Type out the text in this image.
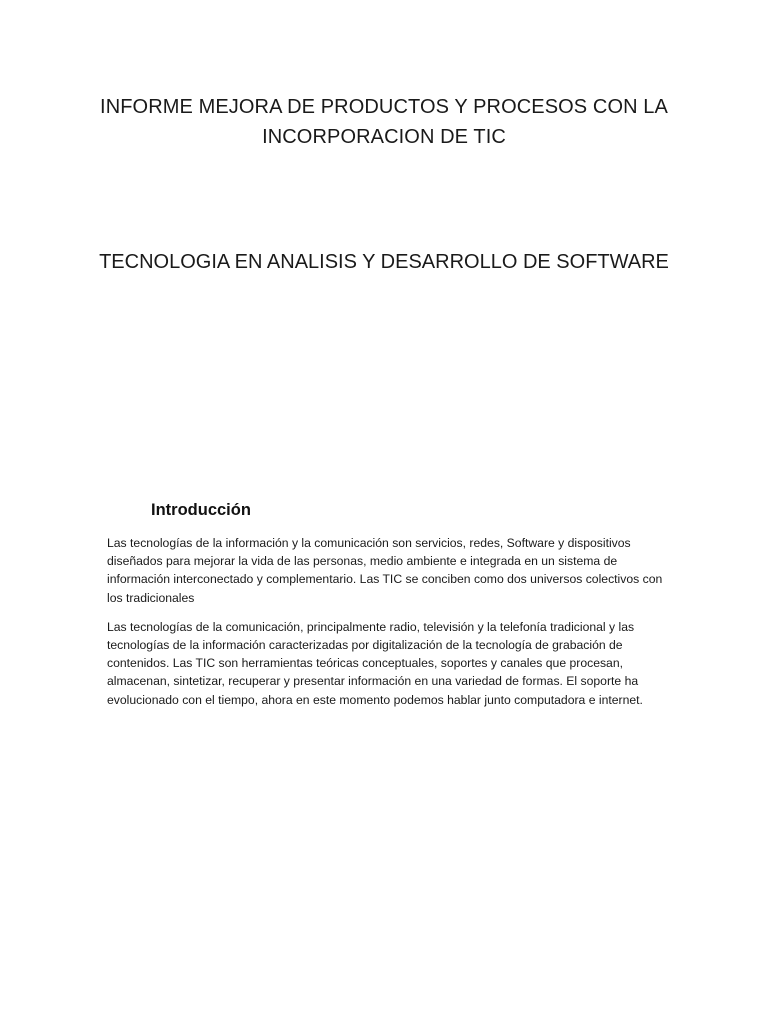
INFORME MEJORA DE PRODUCTOS Y PROCESOS CON LA
INCORPORACION DE TIC
TECNOLOGIA EN ANALISIS Y DESARROLLO DE SOFTWARE
Introducción

Las tecnologías de la información y la comunicación son servicios, redes, Software y dispositivos diseñados para mejorar la vida de las personas, medio ambiente e integrada en un sistema de información interconectado y complementario. Las TIC se conciben como dos universos colectivos con los tradicionales

Las tecnologías de la comunicación, principalmente radio, televisión y la telefonía tradicional y las tecnologías de la información caracterizadas por digitalización de la tecnología de grabación de contenidos. Las TIC son herramientas teóricas conceptuales, soportes y canales que procesan, almacenan, sintetizar, recuperar y presentar información en una variedad de formas. El soporte ha evolucionado con el tiempo, ahora en este momento podemos hablar junto computadora e internet.
